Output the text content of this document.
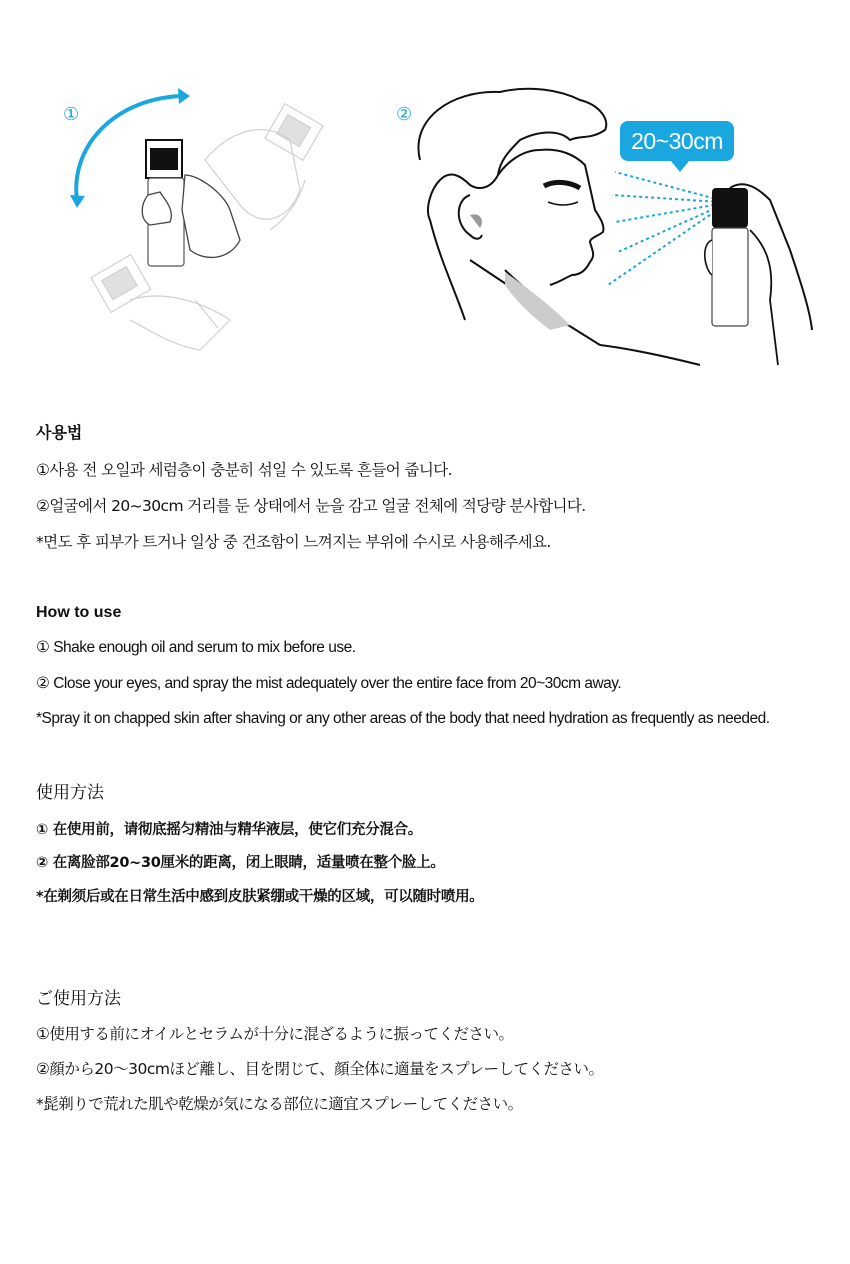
①	②
20~30cm
사용법
①사용 전 오일과 세럼층이 충분히 섞일 수 있도록 흔들어 줍니다.
②얼굴에서 20~30cm 거리를 둔 상태에서 눈을 감고 얼굴 전체에 적당량 분사합니다.
*면도 후 피부가 트거나 일상 중 건조함이 느껴지는 부위에 수시로 사용해주세요.
How to use
① Shake enough oil and serum to mix before use.
② Close your eyes, and spray the mist adequately over the entire face from 20~30cm away.
*Spray it on chapped skin after shaving or any other areas of the body that need hydration as frequently as needed.
使用方法
① 在使用前，请彻底摇匀精油与精华液层，使它们充分混合。
② 在离脸部20~30厘米的距离，闭上眼睛，适量喷在整个脸上。
*在剃须后或在日常生活中感到皮肤紧绷或干燥的区域，可以随时喷用。
ご使用方法
①使用する前にオイルとセラムが十分に混ざるように振ってください。
②顔から20〜30cmほど離し、目を閉じて、顔全体に適量をスプレーしてください。
*髭剃りで荒れた肌や乾燥が気になる部位に適宜スプレーしてください。
